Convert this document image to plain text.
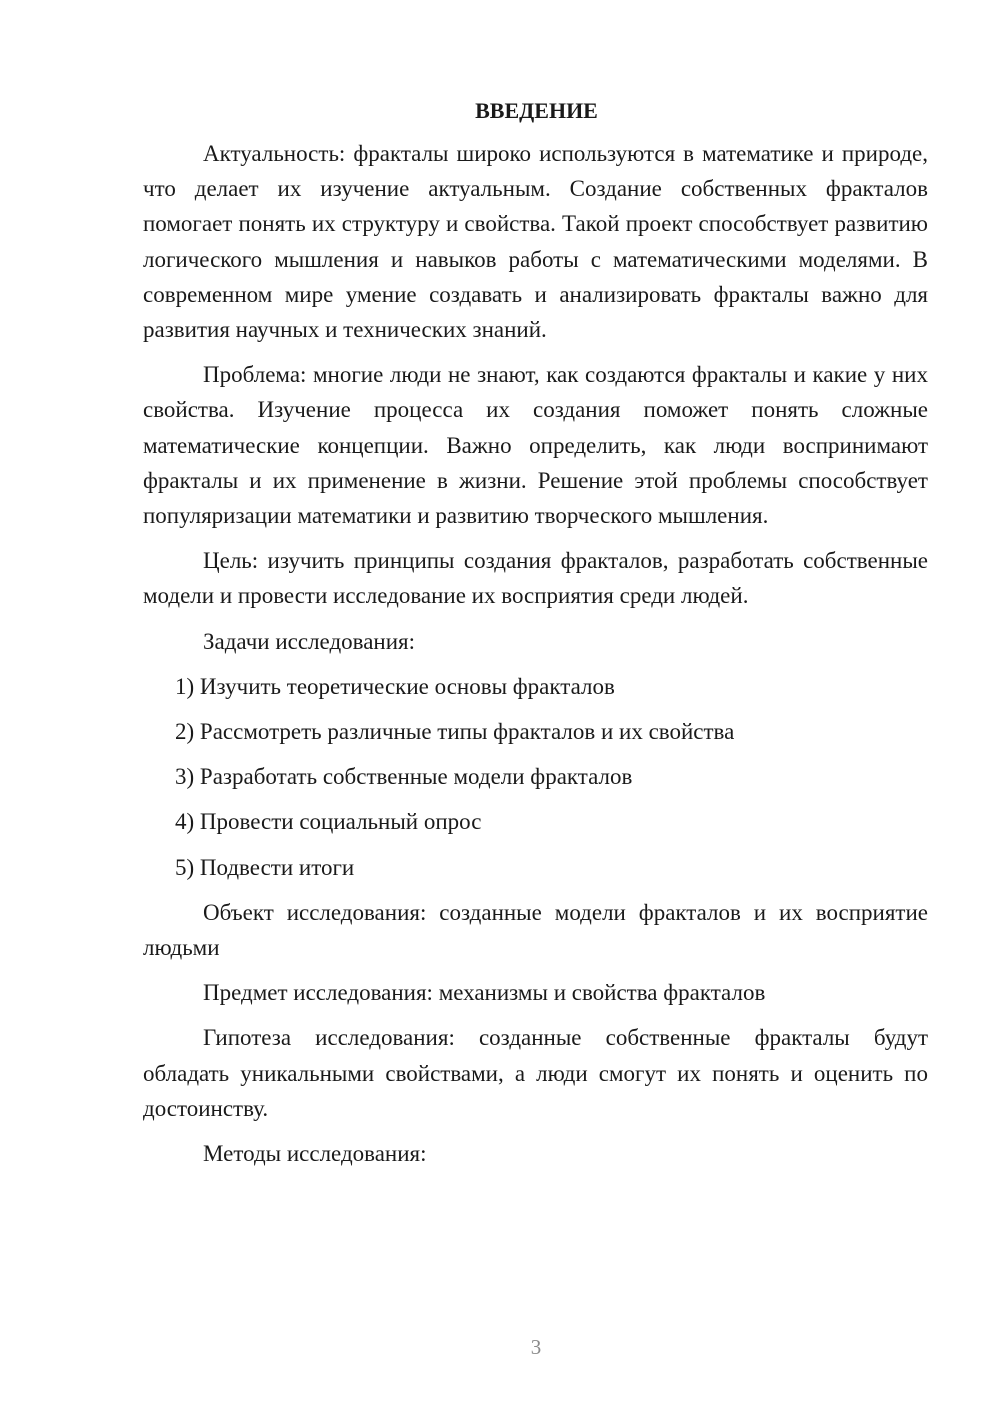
ВВЕДЕНИЕ

Актуальность: фракталы широко используются в математике и природе, что делает их изучение актуальным. Создание собственных фракталов помогает понять их структуру и свойства. Такой проект способствует развитию логического мышления и навыков работы с математическими моделями. В современном мире умение создавать и анализировать фракталы важно для развития научных и технических знаний.

Проблема: многие люди не знают, как создаются фракталы и какие у них свойства. Изучение процесса их создания поможет понять сложные математические концепции. Важно определить, как люди воспринимают фракталы и их применение в жизни. Решение этой проблемы способствует популяризации математики и развитию творческого мышления.

Цель: изучить принципы создания фракталов, разработать собственные модели и провести исследование их восприятия среди людей.

Задачи исследования:

1) Изучить теоретические основы фракталов
2) Рассмотреть различные типы фракталов и их свойства
3) Разработать собственные модели фракталов
4) Провести социальный опрос
5) Подвести итоги

Объект исследования: созданные модели фракталов и их восприятие людьми

Предмет исследования: механизмы и свойства фракталов

Гипотеза исследования: созданные собственные фракталы будут обладать уникальными свойствами, а люди смогут их понять и оценить по достоинству.

Методы исследования:

3
